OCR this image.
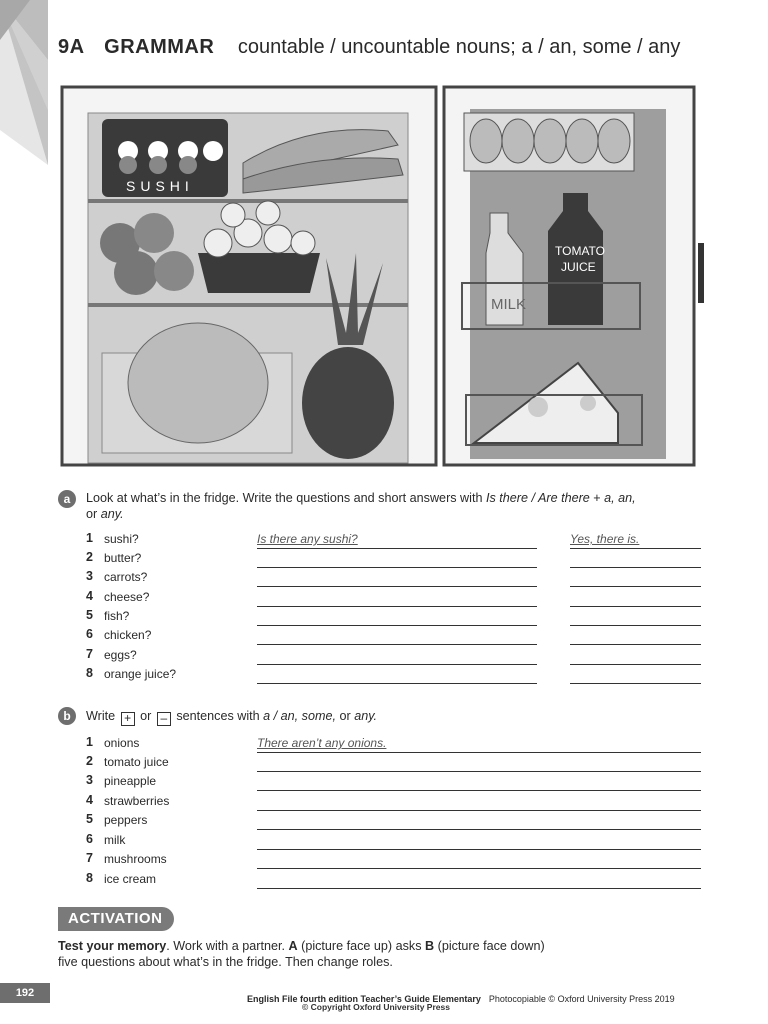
9A GRAMMAR countable / uncountable nouns; a / an, some / any
SUSHI
MILK
TOMATO
JUICE
a	Look at what’s in the fridge. Write the questions and short answers with Is there / Are there + a, an,
or any.
1 sushi?	Is there any sushi?	Yes, there is.
2 butter?
3 carrots?
4 cheese?
5 fish?
6 chicken?
7 eggs?
8 orange juice?
b	Write + or – sentences with a / an, some, or any.
1 onions	There aren’t any onions.
2 tomato juice
3 pineapple
4 strawberries
5 peppers
6 milk
7 mushrooms
8 ice cream
ACTIVATION
Test your memory. Work with a partner. A (picture face up) asks B (picture face down)
five questions about what’s in the fridge. Then change roles.
192	English File fourth edition Teacher’s Guide Elementary Photocopiable © Oxford University Press 2019
© Copyright Oxford University Press
